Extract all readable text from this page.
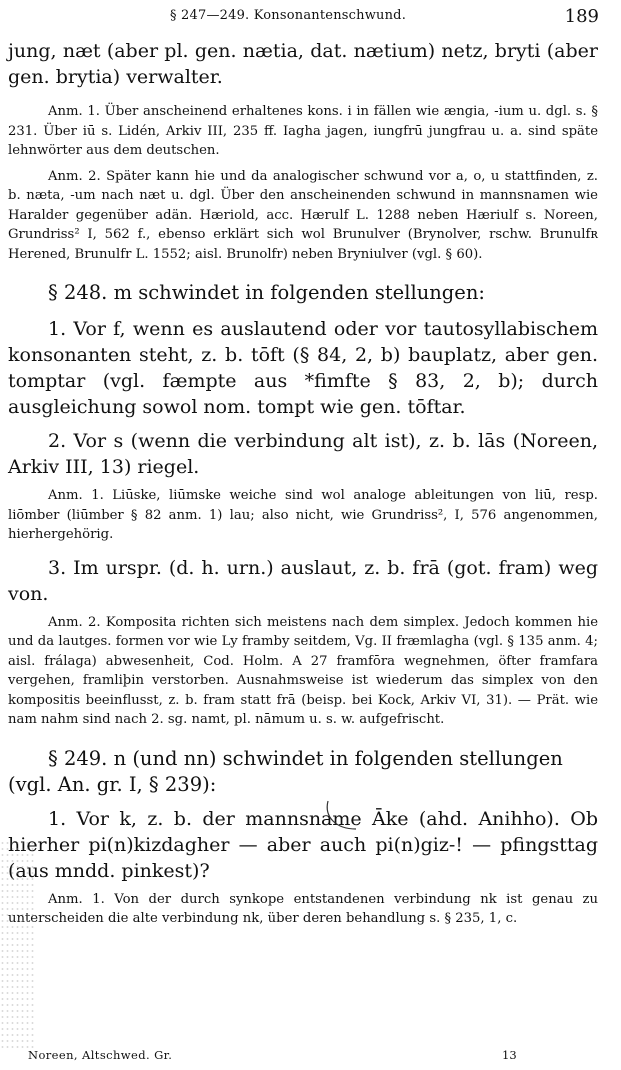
§ 247—249. Konsonantenschwund.	189

jung, næt (aber pl. gen. nætia, dat. nætium) netz, bryti (aber gen. brytia) verwalter.

Anm. 1. Über anscheinend erhaltenes kons. i in fällen wie ængia, -ium u. dgl. s. § 231. Über iū s. Lidén, Arkiv III, 235 ff. Iagha jagen, iungfrū jungfrau u. a. sind späte lehnwörter aus dem deutschen.

Anm. 2. Später kann hie und da analogischer schwund vor a, o, u stattfinden, z. b. næta, -um nach næt u. dgl. Über den anscheinenden schwund in mannsnamen wie Haralder gegenüber adän. Hæriold, acc. Hærulf L. 1288 neben Hæriulf s. Noreen, Grundriss² I, 562 f., ebenso erklärt sich wol Brunulver (Brynolver, rschw. Brunulfʀ Herened, Brunulfr L. 1552; aisl. Brunolfr) neben Bryniulver (vgl. § 60).

§ 248. m schwindet in folgenden stellungen:

1. Vor f, wenn es auslautend oder vor tautosyllabischem konsonanten steht, z. b. tōft (§ 84, 2, b) bauplatz, aber gen. tomptar (vgl. fæmpte aus *fimfte § 83, 2, b); durch ausgleichung sowol nom. tompt wie gen. tōftar.

2. Vor s (wenn die verbindung alt ist), z. b. lās (Noreen, Arkiv III, 13) riegel.

Anm. 1. Liūske, liūmske weiche sind wol analoge ableitungen von liū, resp. liōmber (liūmber § 82 anm. 1) lau; also nicht, wie Grundriss², I, 576 angenommen, hierhergehörig.

3. Im urspr. (d. h. urn.) auslaut, z. b. frā (got. fram) weg von.

Anm. 2. Komposita richten sich meistens nach dem simplex. Jedoch kommen hie und da lautges. formen vor wie Ly framby seitdem, Vg. II fræmlagha (vgl. § 135 anm. 4; aisl. frálaga) abwesenheit, Cod. Holm. A 27 framfōra wegnehmen, öfter framfara vergehen, framliþin verstorben. Ausnahmsweise ist wiederum das simplex von den kompositis beeinflusst, z. b. fram statt frā (beisp. bei Kock, Arkiv VI, 31). — Prät. wie nam nahm sind nach 2. sg. namt, pl. nāmum u. s. w. aufgefrischt.

§ 249. n (und nn) schwindet in folgenden stellungen (vgl. An. gr. I, § 239):

1. Vor k, z. b. der mannsname Āke (ahd. Anihho). Ob hierher pi(n)kizdagher — aber auch pi(n)giz-! — pfingsttag (aus mndd. pinkest)?

Anm. 1. Von der durch synkope entstandenen verbindung nk ist genau zu unterscheiden die alte verbindung nk, über deren behandlung s. § 235, 1, c.

Noreen, Altschwed. Gr.	13
